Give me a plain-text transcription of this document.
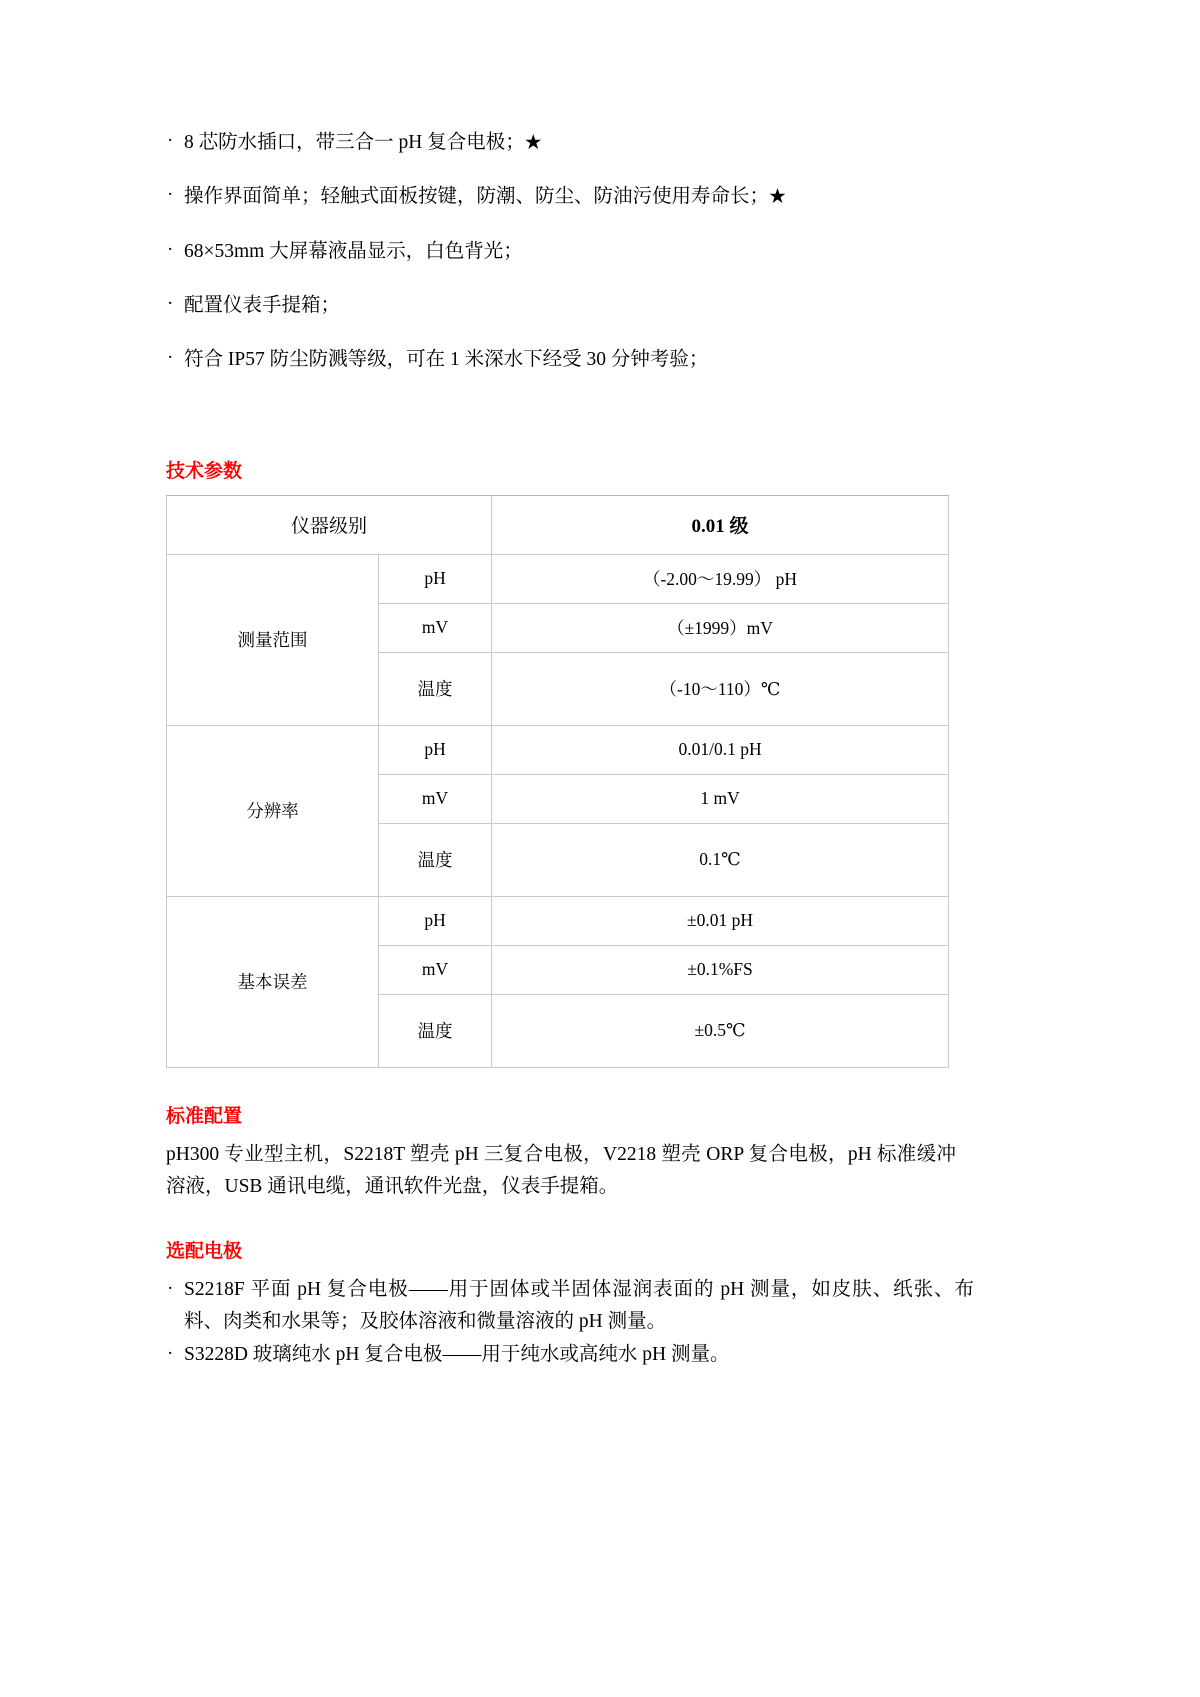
· 8 芯防水插口，带三合一 pH 复合电极；★
· 操作界面简单；轻触式面板按键，防潮、防尘、防油污使用寿命长；★
· 68×53mm 大屏幕液晶显示，白色背光；
· 配置仪表手提箱；
· 符合 IP57 防尘防溅等级，可在 1 米深水下经受 30 分钟考验；
技术参数
仪器级别		0.01 级
测量范围	pH	（-2.00～19.99） pH
	mV	（±1999）mV
	温度	（-10～110）℃
分辨率	pH	0.01/0.1 pH
	mV	1 mV
	温度	0.1℃
基本误差	pH	±0.01 pH
	mV	±0.1%FS
	温度	±0.5℃
标准配置

pH300 专业型主机，S2218T 塑壳 pH 三复合电极，V2218 塑壳 ORP 复合电极，pH 标准缓冲溶液，USB 通讯电缆，通讯软件光盘，仪表手提箱。

选配电极
· S2218F 平面 pH 复合电极——用于固体或半固体湿润表面的 pH 测量，如皮肤、纸张、布料、肉类和水果等；及胶体溶液和微量溶液的 pH 测量。
· S3228D 玻璃纯水 pH 复合电极——用于纯水或高纯水 pH 测量。
